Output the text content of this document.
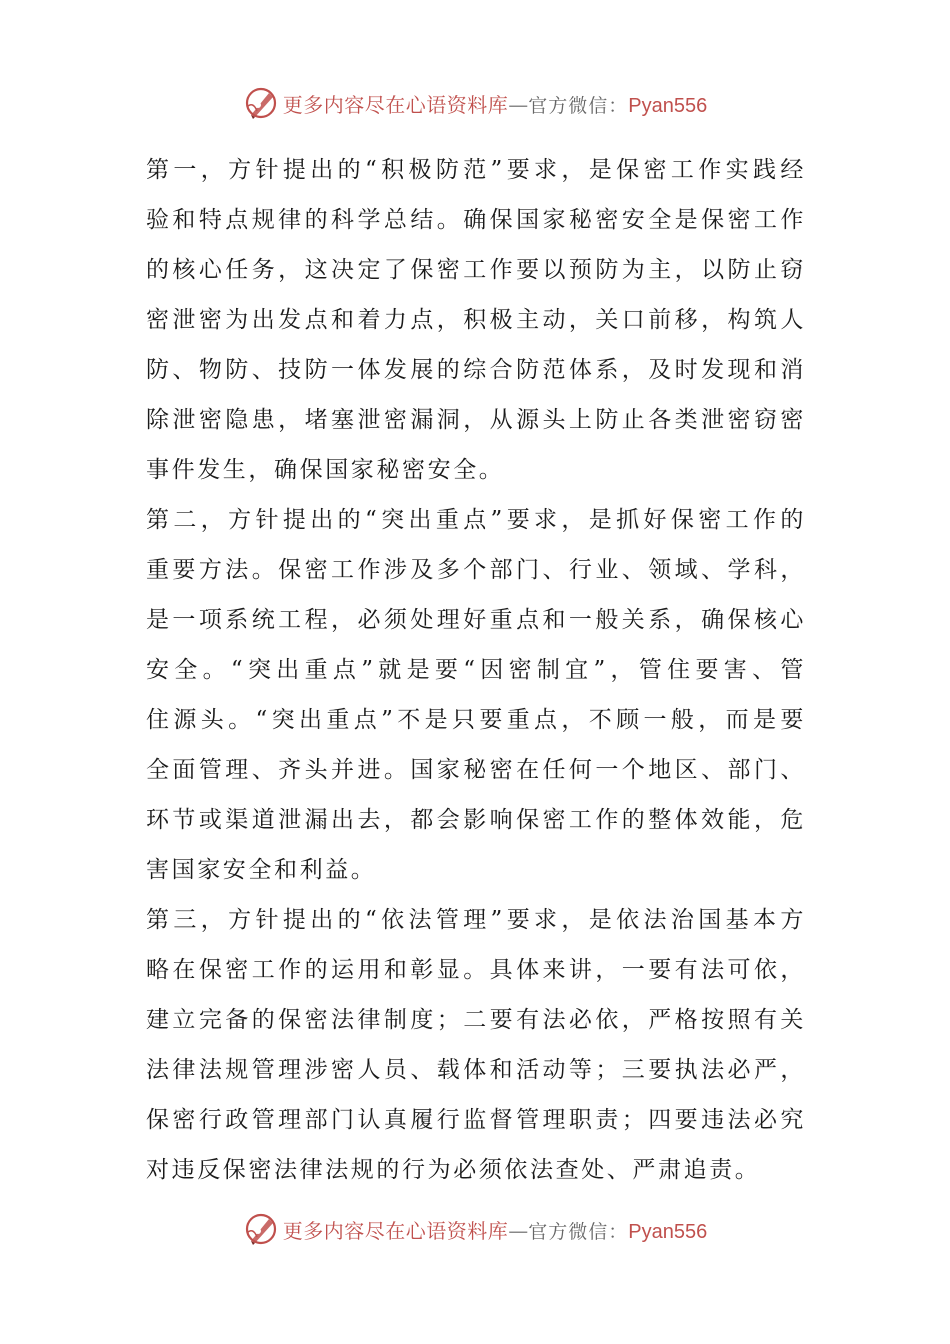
更多内容尽在心语资料库 — 官方微信： Pyan556
第一，方针提出的“积极防范”要求，是保密工作实践经
验和特点规律的科学总结。确保国家秘密安全是保密工作
的核心任务，这决定了保密工作要以预防为主，以防止窃
密泄密为出发点和着力点，积极主动，关口前移，构筑人
防、物防、技防一体发展的综合防范体系，及时发现和消
除泄密隐患，堵塞泄密漏洞，从源头上防止各类泄密窃密
事件发生，确保国家秘密安全。
第二，方针提出的“突出重点”要求，是抓好保密工作的
重要方法。保密工作涉及多个部门、行业、领域、学科，
是一项系统工程，必须处理好重点和一般关系，确保核心
安全。“突出重点”就是要“因密制宜”，管住要害、管
住源头。“突出重点”不是只要重点，不顾一般，而是要
全面管理、齐头并进。国家秘密在任何一个地区、部门、
环节或渠道泄漏出去，都会影响保密工作的整体效能，危
害国家安全和利益。
第三，方针提出的“依法管理”要求，是依法治国基本方
略在保密工作的运用和彰显。具体来讲，一要有法可依，
建立完备的保密法律制度；二要有法必依，严格按照有关
法律法规管理涉密人员、载体和活动等；三要执法必严，
保密行政管理部门认真履行监督管理职责；四要违法必究
对违反保密法律法规的行为必须依法查处、严肃追责。
更多内容尽在心语资料库 — 官方微信： Pyan556
